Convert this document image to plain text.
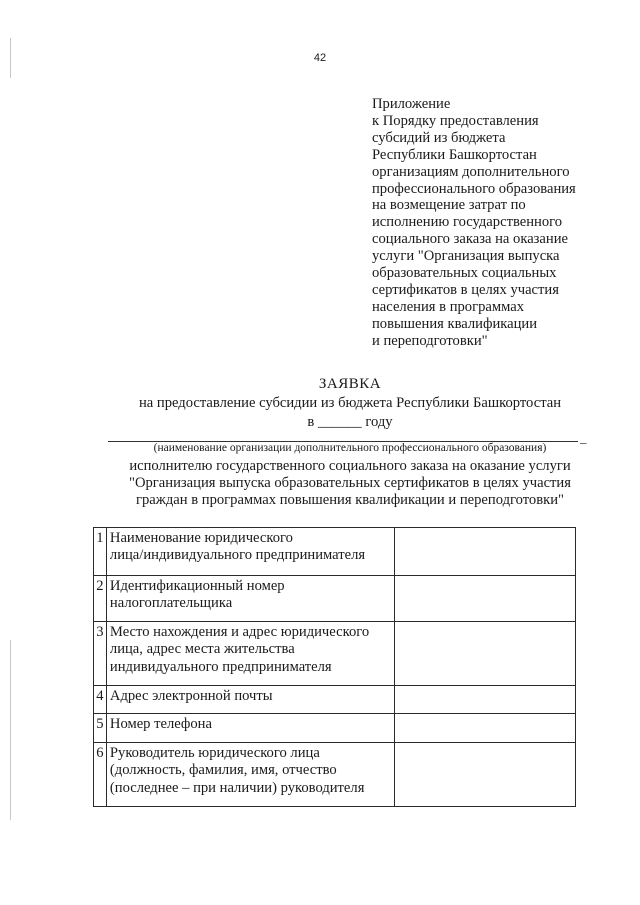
42
Приложение
к Порядку предоставления
субсидий из бюджета
Республики Башкортостан
организациям дополнительного
профессионального образования
на возмещение затрат по
исполнению государственного
социального заказа на оказание
услуги "Организация выпуска
образовательных социальных
сертификатов в целях участия
населения в программах
повышения квалификации
и переподготовки"
ЗАЯВКА
на предоставление субсидии из бюджета Республики Башкортостан
в ______ году
_
(наименование организации дополнительного профессионального образования)
исполнителю государственного социального заказа на оказание услуги
"Организация выпуска образовательных сертификатов в целях участия
граждан в программах повышения квалификации и переподготовки"
1	Наименование юридического
лица/индивидуального предпринимателя	

2	Идентификационный номер
налогоплательщика	

3	Место нахождения и адрес юридического
лица, адрес места жительства
индивидуального предпринимателя	

4	Адрес электронной почты	

5	Номер телефона	

6	Руководитель юридического лица
(должность, фамилия, имя, отчество
(последнее – при наличии) руководителя	
